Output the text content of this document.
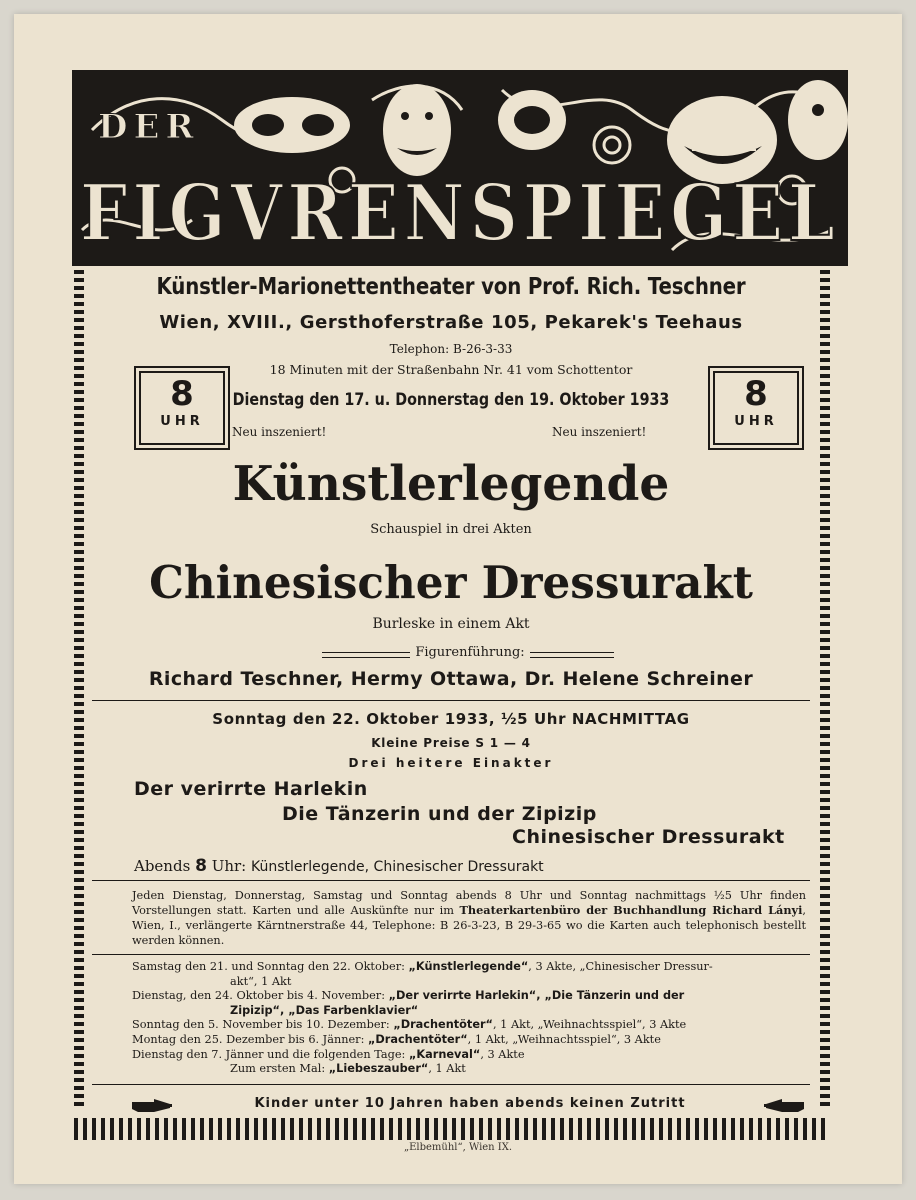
DER
FIGVRENSPIEGEL
Künstler-Marionettentheater von Prof. Rich. Teschner
Wien, XVIII., Gersthoferstraße 105, Pekarek's Teehaus
Telephon: B-26-3-33
18 Minuten mit der Straßenbahn Nr. 41 vom Schottentor
8
UHR
8
UHR
Dienstag den 17. u. Donnerstag den 19. Oktober 1933
Neu inszeniert!	Neu inszeniert!
Künstlerlegende
Schauspiel in drei Akten
Chinesischer Dressurakt
Burleske in einem Akt
Figurenführung:
Richard Teschner, Hermy Ottawa, Dr. Helene Schreiner
Sonntag den 22. Oktober 1933, ½5 Uhr NACHMITTAG
Kleine Preise S 1 — 4
Drei heitere Einakter
Der verirrte Harlekin
Die Tänzerin und der Zipizip
Chinesischer Dressurakt
Abends 8 Uhr: Künstlerlegende, Chinesischer Dressurakt
Jeden Dienstag, Donnerstag, Samstag und Sonntag abends 8 Uhr und Sonntag nachmittags ½5 Uhr finden Vorstellungen statt. Karten und alle Auskünfte nur im Theaterkartenbüro der Buchhandlung Richard Lányi, Wien, I., verlängerte Kärntnerstraße 44, Telephone: B 26-3-23, B 29-3-65 wo die Karten auch telephonisch bestellt werden können.
Samstag den 21. und Sonntag den 22. Oktober: „Künstlerlegende“, 3 Akte, „Chinesischer Dressur-
akt“, 1 Akt
Dienstag, den 24. Oktober bis 4. November: „Der verirrte Harlekin“, „Die Tänzerin und der
Zipizip“, „Das Farbenklavier“
Sonntag den 5. November bis 10. Dezember: „Drachentöter“, 1 Akt, „Weihnachtsspiel“, 3 Akte
Montag den 25. Dezember bis 6. Jänner: „Drachentöter“, 1 Akt, „Weihnachtsspiel“, 3 Akte
Dienstag den 7. Jänner und die folgenden Tage: „Karneval“, 3 Akte
Zum ersten Mal: „Liebeszauber“, 1 Akt
Kinder unter 10 Jahren haben abends keinen Zutritt
„Elbemühl“, Wien IX.
